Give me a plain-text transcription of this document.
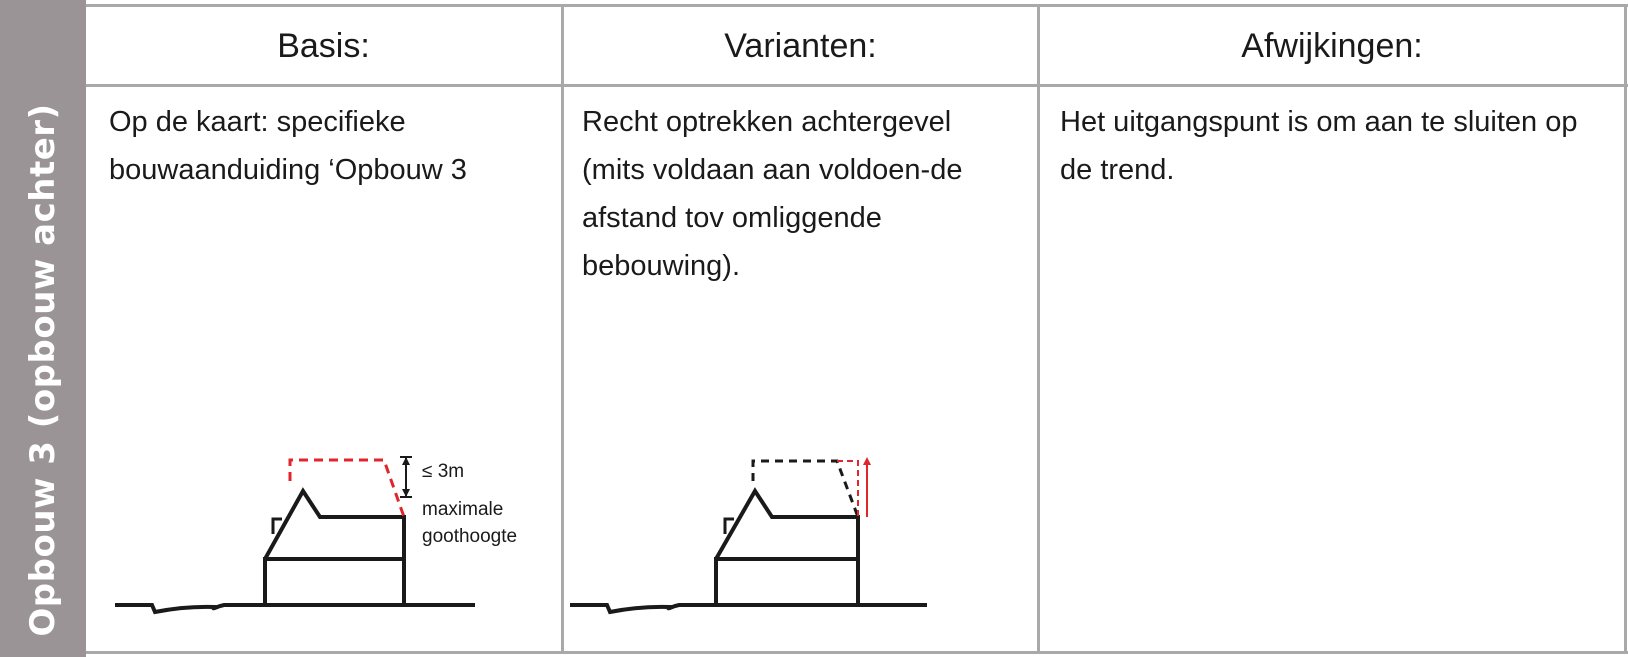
Opbouw 3 (opbouw achter)
Basis:	Varianten:	Afwijkingen:
Op de kaart: specifieke bouwaanduiding ‘Opbouw 3
Recht optrekken achtergevel (mits voldaan aan voldoen-de afstand tov omliggende bebouwing).
Het uitgangspunt is om aan te sluiten op de trend.
≤ 3m
maximale
goothoogte
